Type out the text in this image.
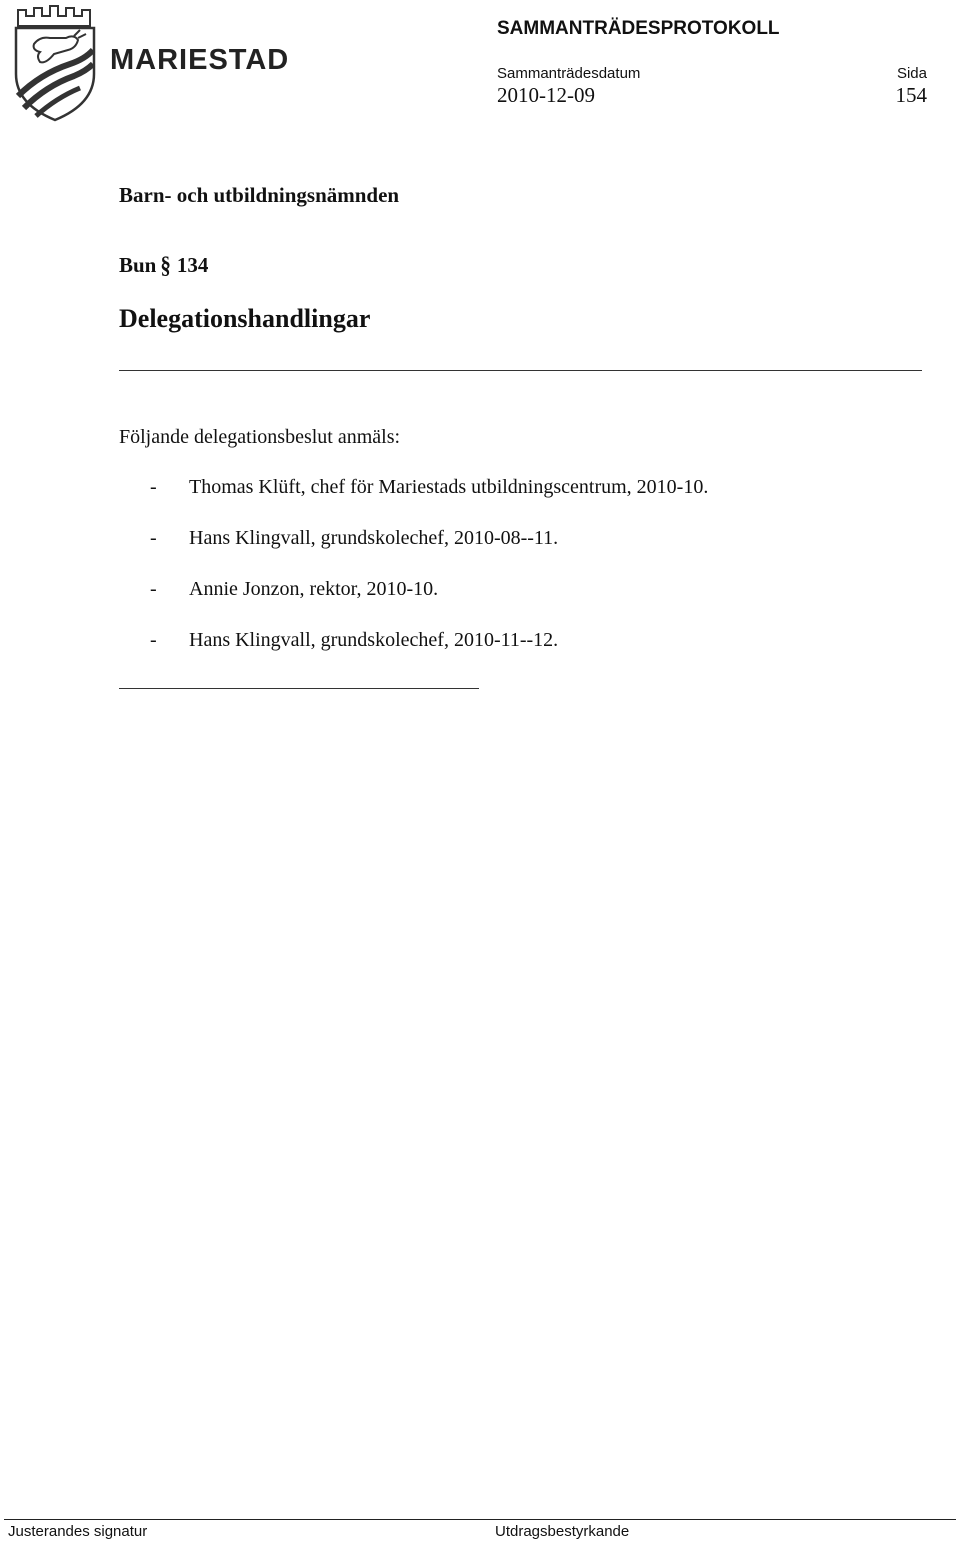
MARIESTAD
SAMMANTRÄDESPROTOKOLL
Sammanträdesdatum	Sida
2010-12-09	154
Barn- och utbildningsnämnden
Bun § 134
Delegationshandlingar
Följande delegationsbeslut anmäls:
-	Thomas Klüft, chef för Mariestads utbildningscentrum, 2010-10.
-	Hans Klingvall, grundskolechef, 2010-08--11.
-	Annie Jonzon, rektor, 2010-10.
-	Hans Klingvall, grundskolechef, 2010-11--12.
Justerandes signatur	Utdragsbestyrkande
